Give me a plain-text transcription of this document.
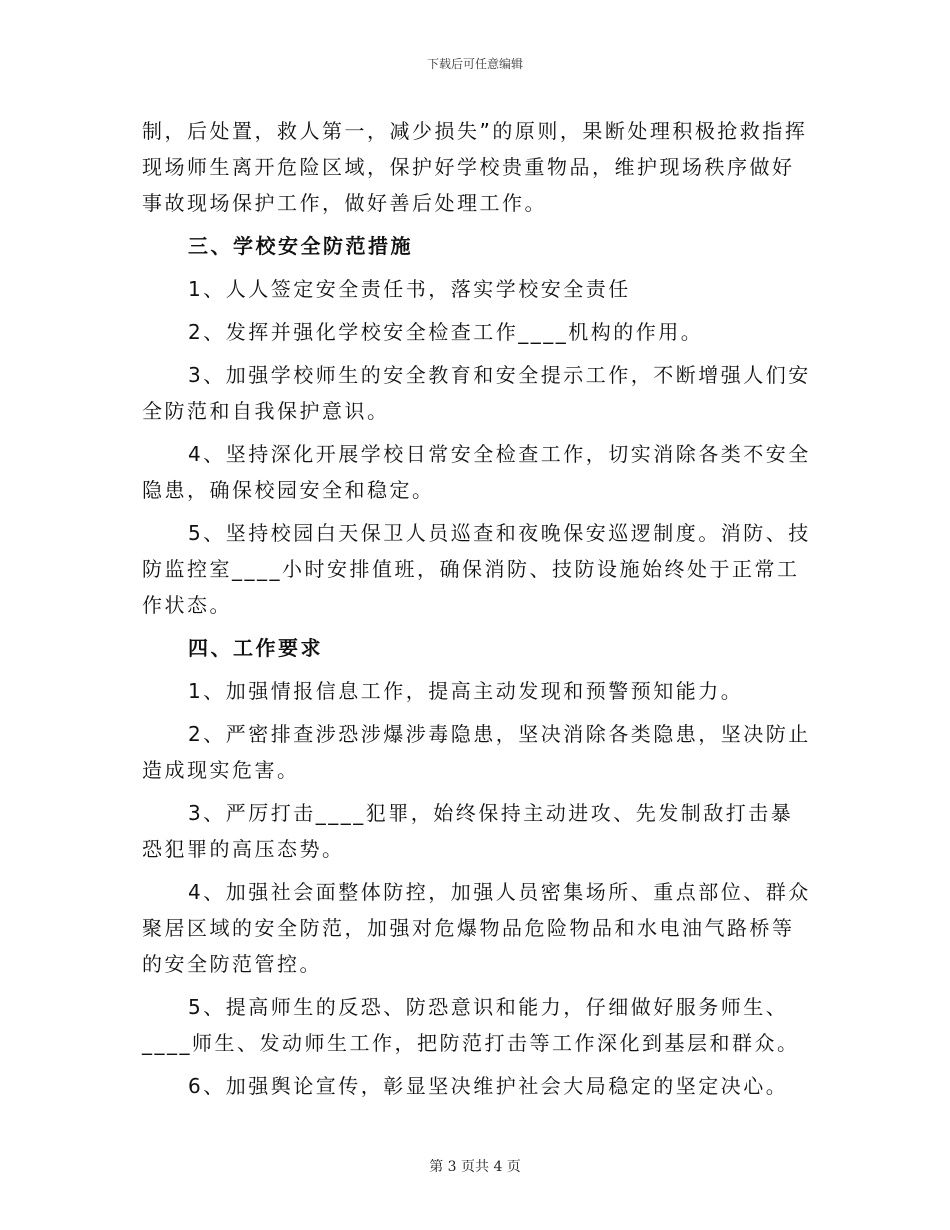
下载后可任意编辑

制，后处置，救人第一，减少损失”的原则，果断处理积极抢救指挥现场师生离开危险区域，保护好学校贵重物品，维护现场秩序做好事故现场保护工作，做好善后处理工作。

三、学校安全防范措施

1、人人签定安全责任书，落实学校安全责任

2、发挥并强化学校安全检查工作____机构的作用。

3、加强学校师生的安全教育和安全提示工作，不断增强人们安全防范和自我保护意识。

4、坚持深化开展学校日常安全检查工作，切实消除各类不安全隐患，确保校园安全和稳定。

5、坚持校园白天保卫人员巡查和夜晚保安巡逻制度。消防、技防监控室____小时安排值班，确保消防、技防设施始终处于正常工作状态。

四、工作要求

1、加强情报信息工作，提高主动发现和预警预知能力。

2、严密排查涉恐涉爆涉毒隐患，坚决消除各类隐患，坚决防止造成现实危害。

3、严厉打击____犯罪，始终保持主动进攻、先发制敌打击暴恐犯罪的高压态势。

4、加强社会面整体防控，加强人员密集场所、重点部位、群众聚居区域的安全防范，加强对危爆物品危险物品和水电油气路桥等的安全防范管控。

5、提高师生的反恐、防恐意识和能力，仔细做好服务师生、____师生、发动师生工作，把防范打击等工作深化到基层和群众。

6、加强舆论宣传，彰显坚决维护社会大局稳定的坚定决心。

第 3 页共 4 页
